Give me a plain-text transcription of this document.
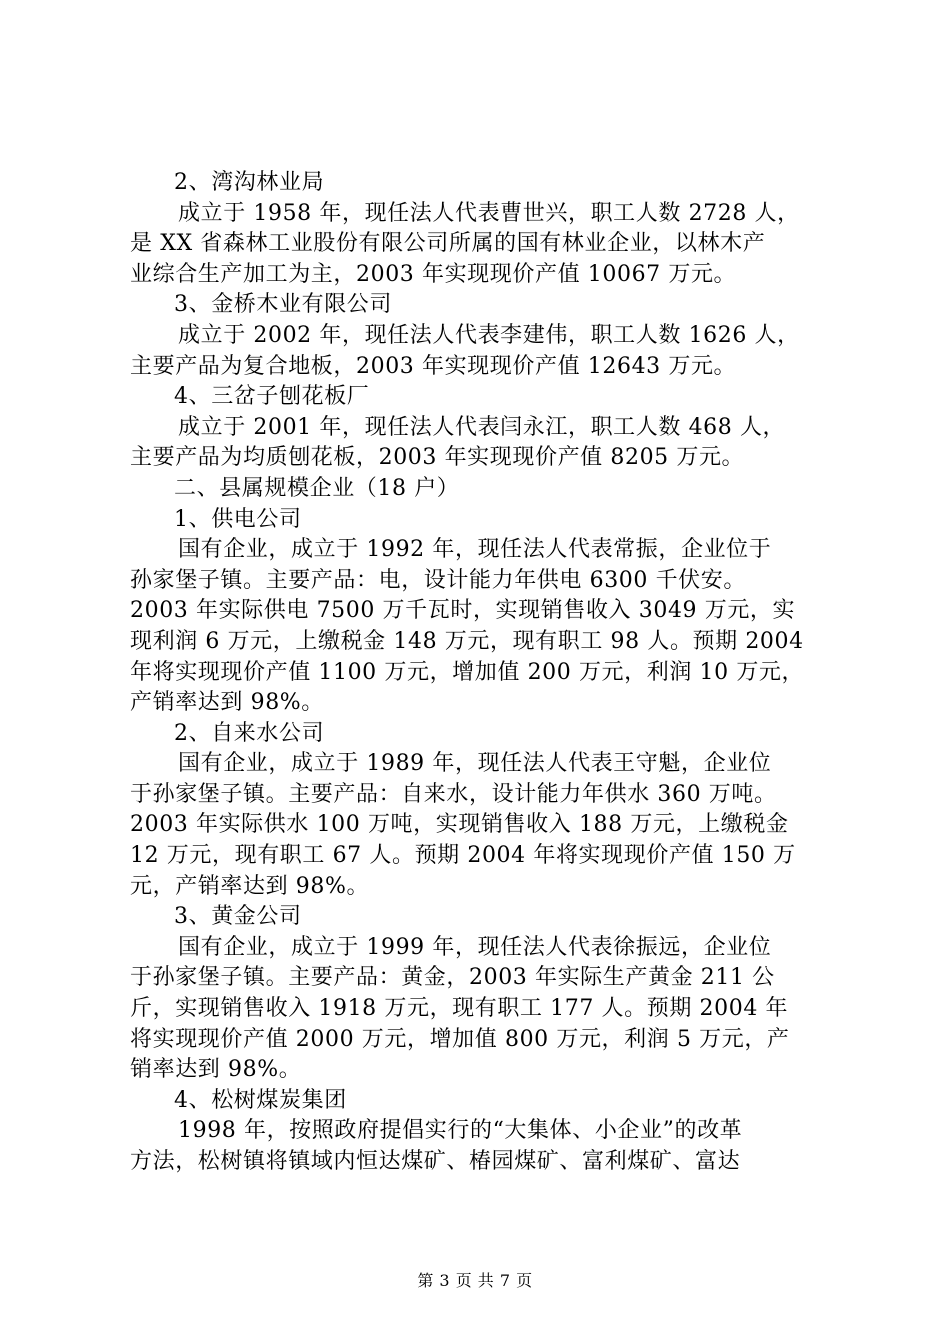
2、湾沟林业局
成立于 1958 年，现任法人代表曹世兴，职工人数 2728 人，
是 XX 省森林工业股份有限公司所属的国有林业企业，以林木产
业综合生产加工为主，2003 年实现现价产值 10067 万元。
3、金桥木业有限公司
成立于 2002 年，现任法人代表李建伟，职工人数 1626 人，
主要产品为复合地板，2003 年实现现价产值 12643 万元。
4、三岔子刨花板厂
成立于 2001 年，现任法人代表闫永江，职工人数 468 人，
主要产品为均质刨花板，2003 年实现现价产值 8205 万元。
二、县属规模企业（18 户）
1、供电公司
国有企业，成立于 1992 年，现任法人代表常振，企业位于
孙家堡子镇。主要产品：电，设计能力年供电 6300 千伏安。
2003 年实际供电 7500 万千瓦时，实现销售收入 3049 万元，实
现利润 6 万元，上缴税金 148 万元，现有职工 98 人。预期 2004
年将实现现价产值 1100 万元，增加值 200 万元，利润 10 万元，
产销率达到 98%。
2、自来水公司
国有企业，成立于 1989 年，现任法人代表王守魁，企业位
于孙家堡子镇。主要产品：自来水，设计能力年供水 360 万吨。
2003 年实际供水 100 万吨，实现销售收入 188 万元，上缴税金
12 万元，现有职工 67 人。预期 2004 年将实现现价产值 150 万
元，产销率达到 98%。
3、黄金公司
国有企业，成立于 1999 年，现任法人代表徐振远，企业位
于孙家堡子镇。主要产品：黄金，2003 年实际生产黄金 211 公
斤，实现销售收入 1918 万元，现有职工 177 人。预期 2004 年
将实现现价产值 2000 万元，增加值 800 万元，利润 5 万元，产
销率达到 98%。
4、松树煤炭集团
1998 年，按照政府提倡实行的“大集体、小企业”的改革
方法，松树镇将镇域内恒达煤矿、椿园煤矿、富利煤矿、富达
第 3 页 共 7 页
